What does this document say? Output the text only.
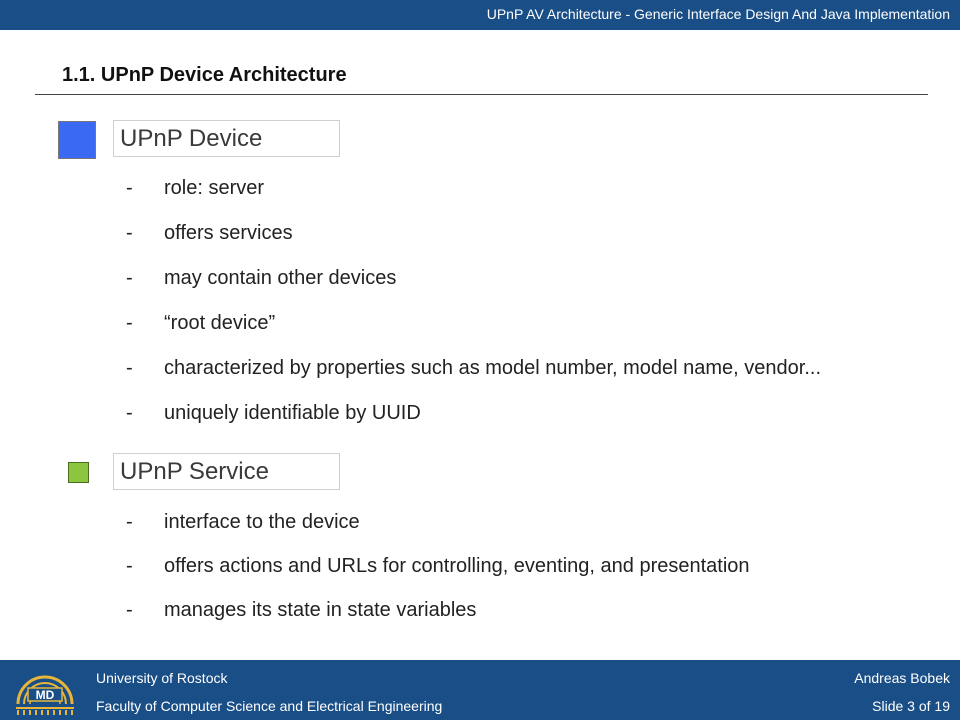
UPnP AV Architecture - Generic Interface Design And Java Implementation
1.1. UPnP Device Architecture
UPnP Device
- role: server
- offers services
- may contain other devices
- “root device”
- characterized by properties such as model number, model name, vendor...
- uniquely identifiable by UUID
UPnP Service
- interface to the device
- offers actions and URLs for controlling, eventing, and presentation
- manages its state in state variables
MD
University of Rostock
Faculty of Computer Science and Electrical Engineering
Andreas Bobek
Slide 3 of 19
